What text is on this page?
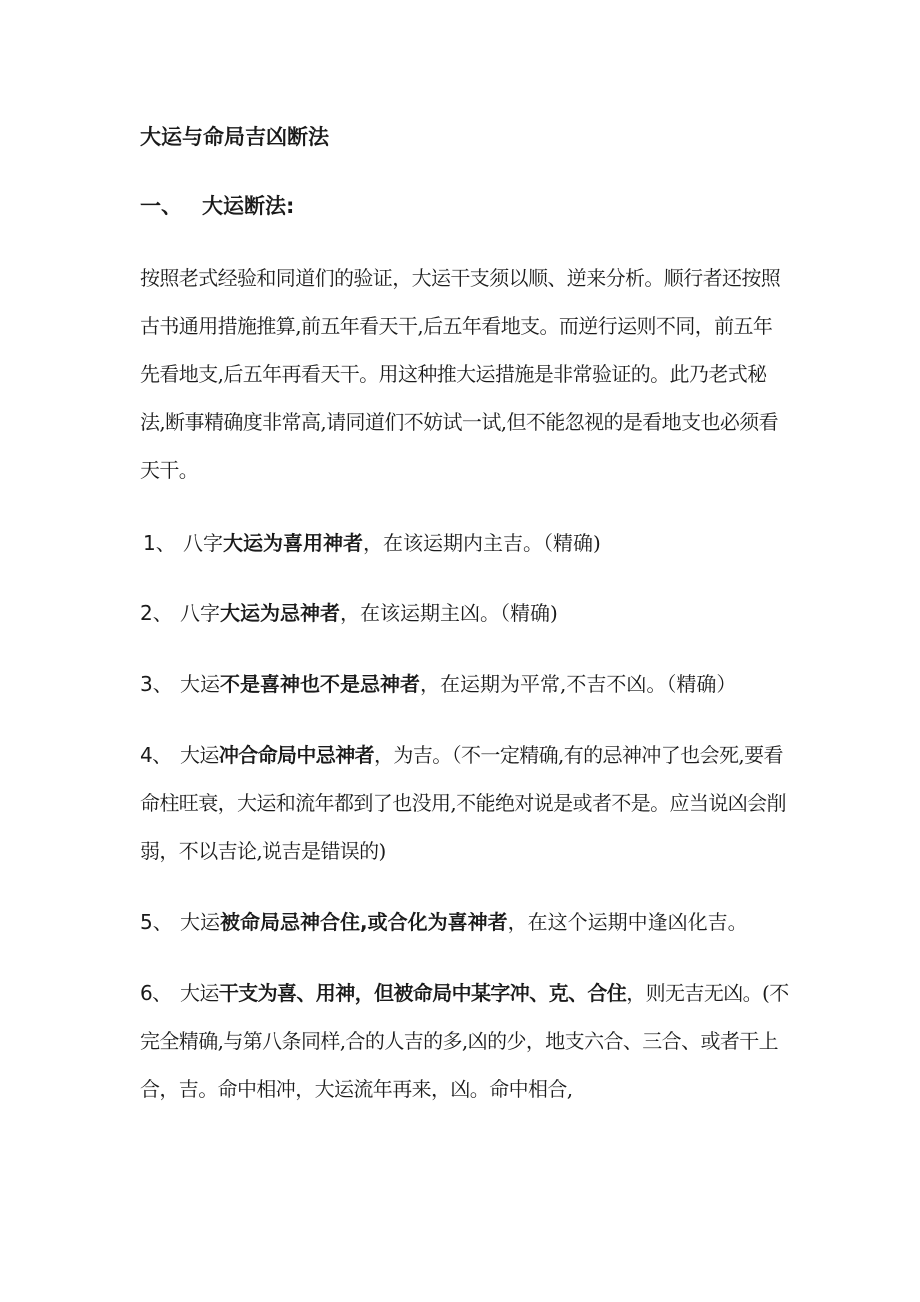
大运与命局吉凶断法
一、 大运断法:

按照老式经验和同道们的验证，大运干支须以顺、逆来分析。顺行者还按照古书通用措施推算,前五年看天干,后五年看地支。而逆行运则不同，前五年先看地支,后五年再看天干。用这种推大运措施是非常验证的。此乃老式秘法,断事精确度非常高,请同道们不妨试一试,但不能忽视的是看地支也必须看天干。

1、 八字大运为喜用神者，在该运期内主吉。（精确)

2、 八字大运为忌神者，在该运期主凶。（精确)

3、 大运不是喜神也不是忌神者，在运期为平常,不吉不凶。（精确）

4、 大运冲合命局中忌神者，为吉。（不一定精确,有的忌神冲了也会死,要看命柱旺衰，大运和流年都到了也没用,不能绝对说是或者不是。应当说凶会削弱，不以吉论,说吉是错误的)

5、 大运被命局忌神合住,或合化为喜神者，在这个运期中逢凶化吉。

6、 大运干支为喜、用神，但被命局中某字冲、克、合住，则无吉无凶。(不完全精确,与第八条同样,合的人吉的多,凶的少，地支六合、三合、或者干上合，吉。命中相冲，大运流年再来，凶。命中相合,
